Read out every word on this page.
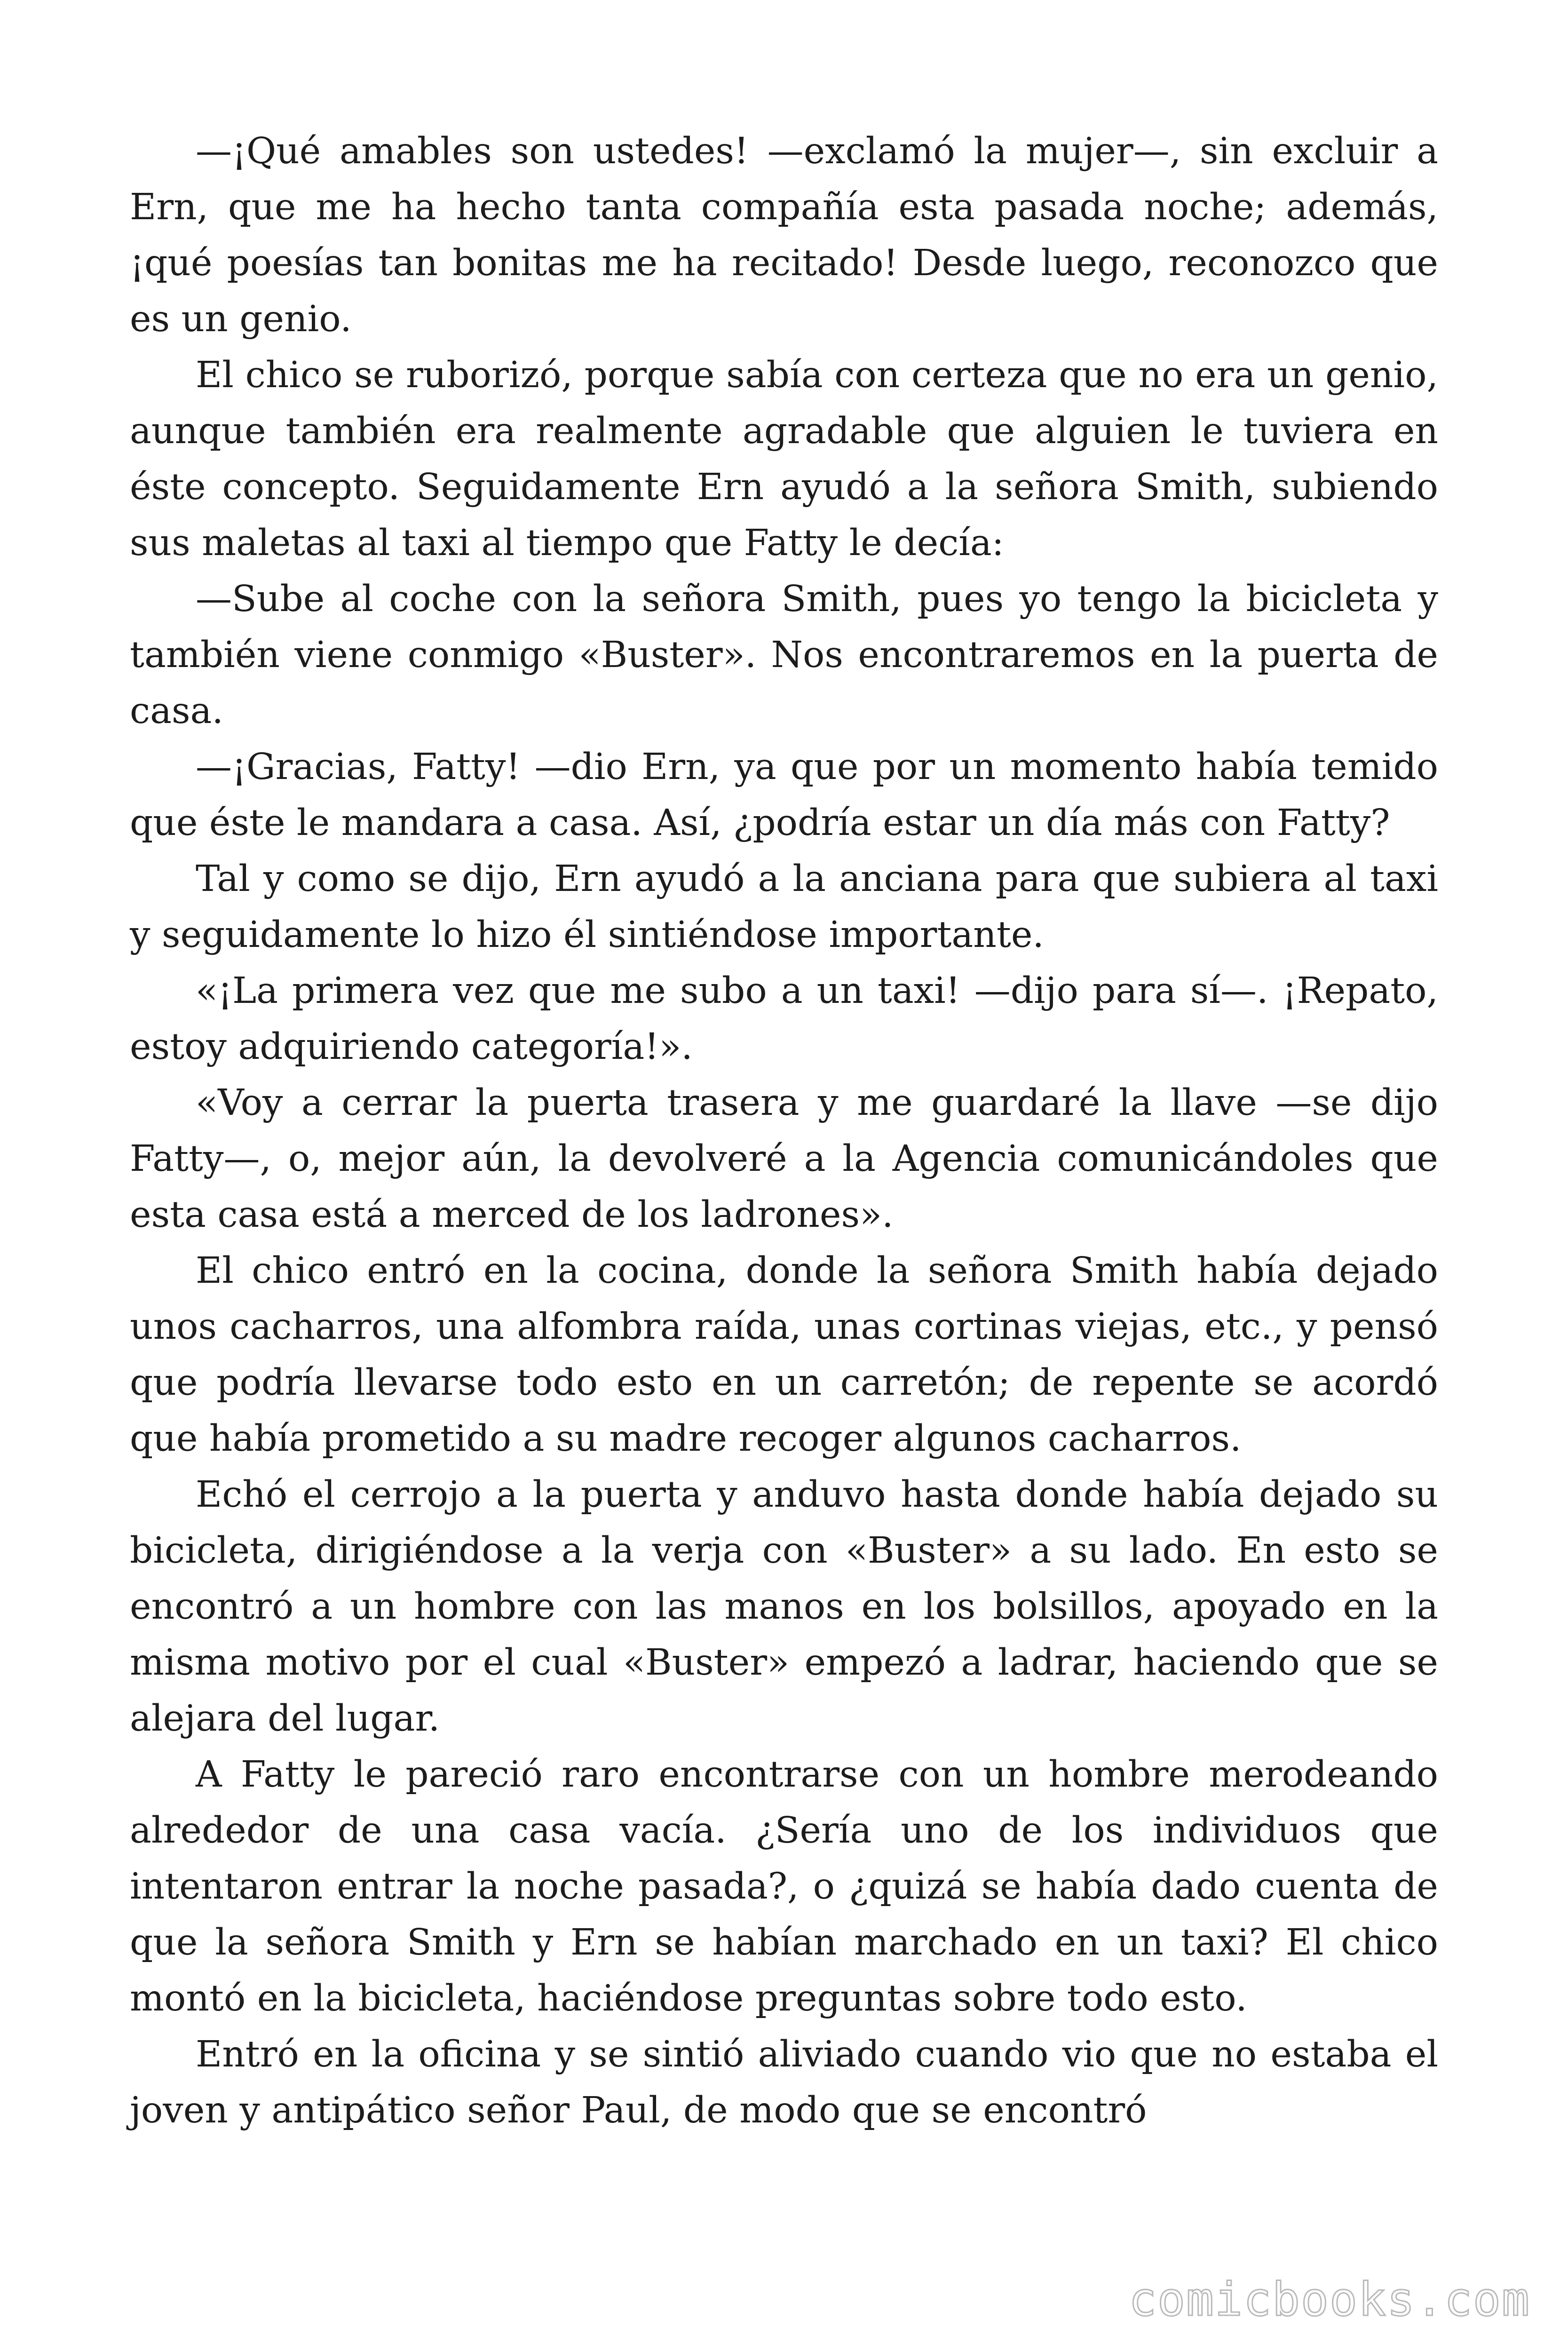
—¡Qué amables son ustedes! —exclamó la mujer—, sin excluir a Ern, que me ha hecho tanta compañía esta pasada noche; además, ¡qué poesías tan bonitas me ha recitado! Desde luego, reconozco que es un genio.

El chico se ruborizó, porque sabía con certeza que no era un genio, aunque también era realmente agradable que alguien le tuviera en éste concepto. Seguidamente Ern ayudó a la señora Smith, subiendo sus maletas al taxi al tiempo que Fatty le decía:

—Sube al coche con la señora Smith, pues yo tengo la bicicleta y también viene conmigo «Buster». Nos encontraremos en la puerta de casa.

—¡Gracias, Fatty! —dio Ern, ya que por un momento había temido que éste le mandara a casa. Así, ¿podría estar un día más con Fatty?

Tal y como se dijo, Ern ayudó a la anciana para que subiera al taxi y seguidamente lo hizo él sintiéndose importante.

«¡La primera vez que me subo a un taxi! —dijo para sí—. ¡Repato, estoy adquiriendo categoría!».

«Voy a cerrar la puerta trasera y me guardaré la llave —se dijo Fatty—, o, mejor aún, la devolveré a la Agencia comunicándoles que esta casa está a merced de los ladrones».

El chico entró en la cocina, donde la señora Smith había dejado unos cacharros, una alfombra raída, unas cortinas viejas, etc., y pensó que podría llevarse todo esto en un carretón; de repente se acordó que había prometido a su madre recoger algunos cacharros.

Echó el cerrojo a la puerta y anduvo hasta donde había dejado su bicicleta, dirigiéndose a la verja con «Buster» a su lado. En esto se encontró a un hombre con las manos en los bolsillos, apoyado en la misma motivo por el cual «Buster» empezó a ladrar, haciendo que se alejara del lugar.

A Fatty le pareció raro encontrarse con un hombre merodeando alrededor de una casa vacía. ¿Sería uno de los individuos que intentaron entrar la noche pasada?, o ¿quizá se había dado cuenta de que la señora Smith y Ern se habían marchado en un taxi? El chico montó en la bicicleta, haciéndose preguntas sobre todo esto.

Entró en la oficina y se sintió aliviado cuando vio que no estaba el joven y antipático señor Paul, de modo que se encontró

comicbooks.com
